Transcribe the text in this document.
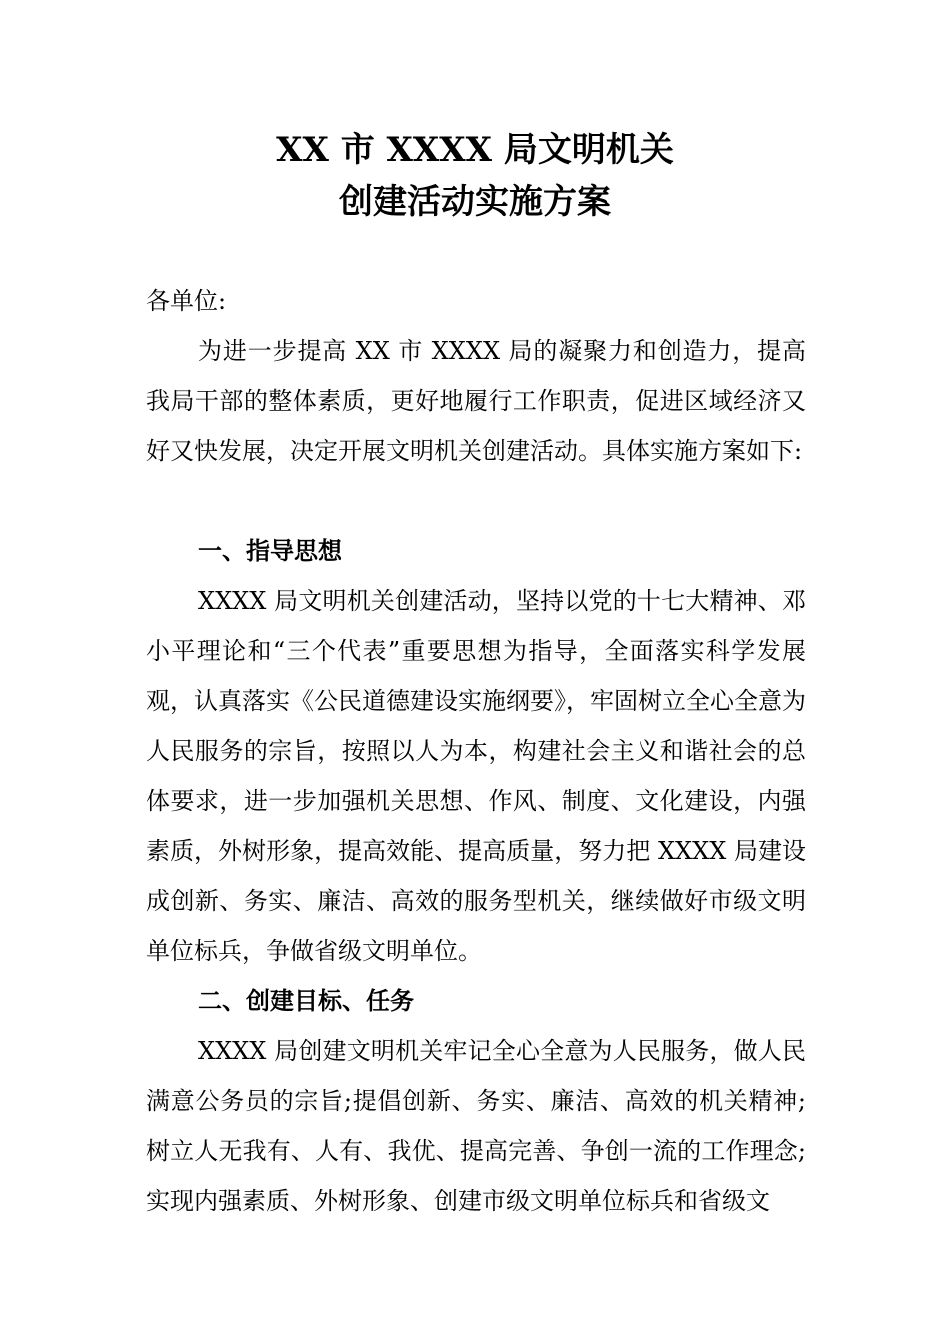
XX 市 XXXX 局文明机关
创建活动实施方案

各单位:

为进一步提高 XX 市 XXXX 局的凝聚力和创造力，提高我局干部的整体素质，更好地履行工作职责，促进区域经济又好又快发展，决定开展文明机关创建活动。具体实施方案如下:

一、指导思想

XXXX 局文明机关创建活动，坚持以党的十七大精神、邓小平理论和“三个代表”重要思想为指导，全面落实科学发展观，认真落实《公民道德建设实施纲要》，牢固树立全心全意为人民服务的宗旨，按照以人为本，构建社会主义和谐社会的总体要求，进一步加强机关思想、作风、制度、文化建设，内强素质，外树形象，提高效能、提高质量，努力把 XXXX 局建设成创新、务实、廉洁、高效的服务型机关，继续做好市级文明单位标兵，争做省级文明单位。

二、创建目标、任务

XXXX 局创建文明机关牢记全心全意为人民服务，做人民满意公务员的宗旨;提倡创新、务实、廉洁、高效的机关精神;树立人无我有、人有、我优、提高完善、争创一流的工作理念;实现内强素质、外树形象、创建市级文明单位标兵和省级文
